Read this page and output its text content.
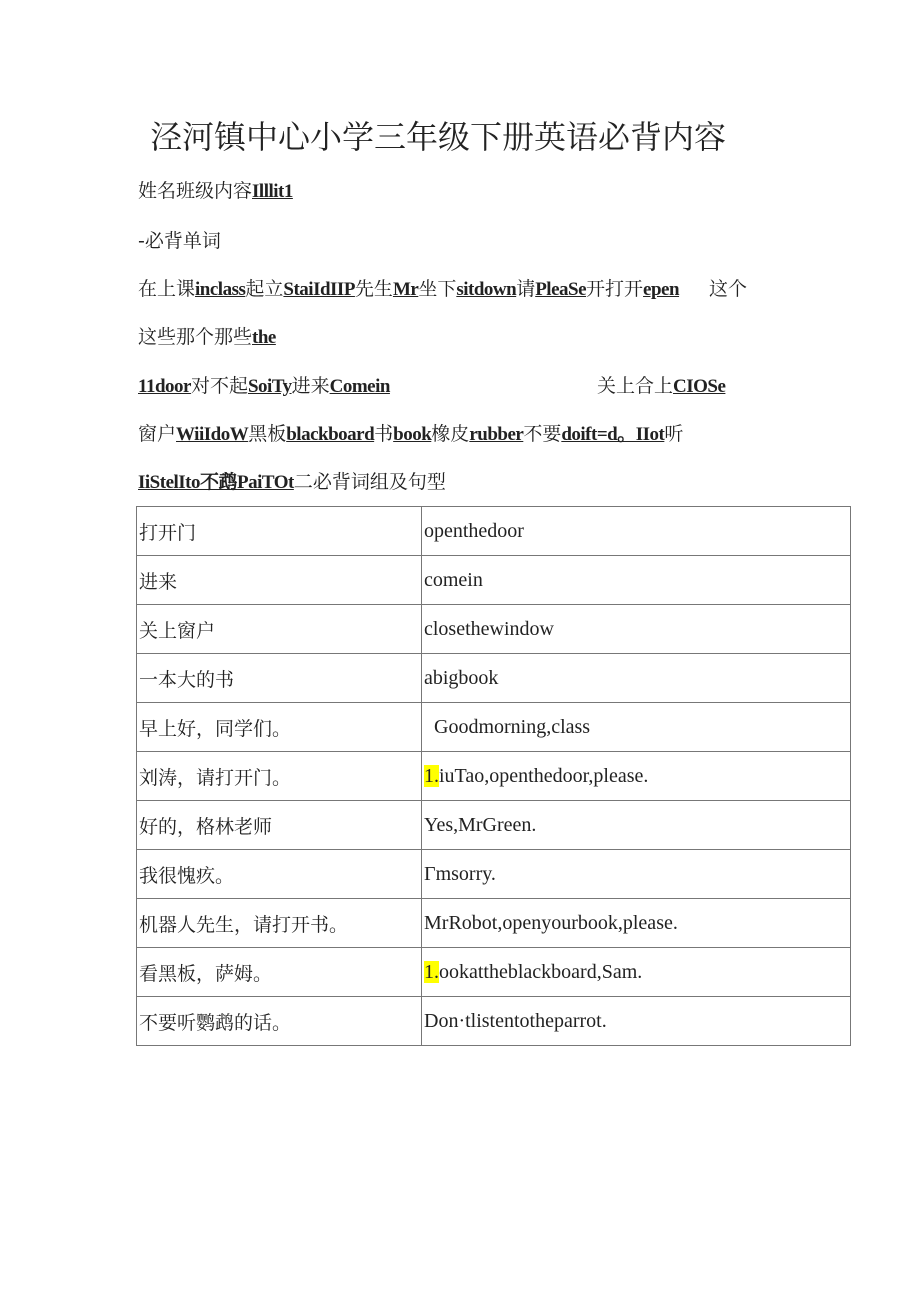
泾河镇中心小学三年级下册英语必背内容
姓名班级内容Illlit1
-必背单词
在上课inclass起立StaiIdIIP先生Mr坐下sitdown请PleaSe开打开epen 这个
这些那个那些the
11door对不起SoiTy进来Comein	关上合上CIOSe
窗户WiiIdoW黑板blackboard书book橡皮rubber不要doift=d。IIot听
IiStelIto不鹉PaiTOt二必背词组及句型
打开门	openthedoor
进来	comein
关上窗户	closethewindow
一本大的书	abigbook
早上好，同学们。	Goodmorning,class
刘涛，请打开门。	1.iuTao,openthedoor,please.
好的，格林老师	Yes,MrGreen.
我很愧疚。	Γmsorry.
机器人先生，请打开书。	MrRobot,openyourbook,please.
看黑板，萨姆。	1.ookattheblackboard,Sam.
不要听鹦鹉的话。	Don·tlistentotheparrot.
